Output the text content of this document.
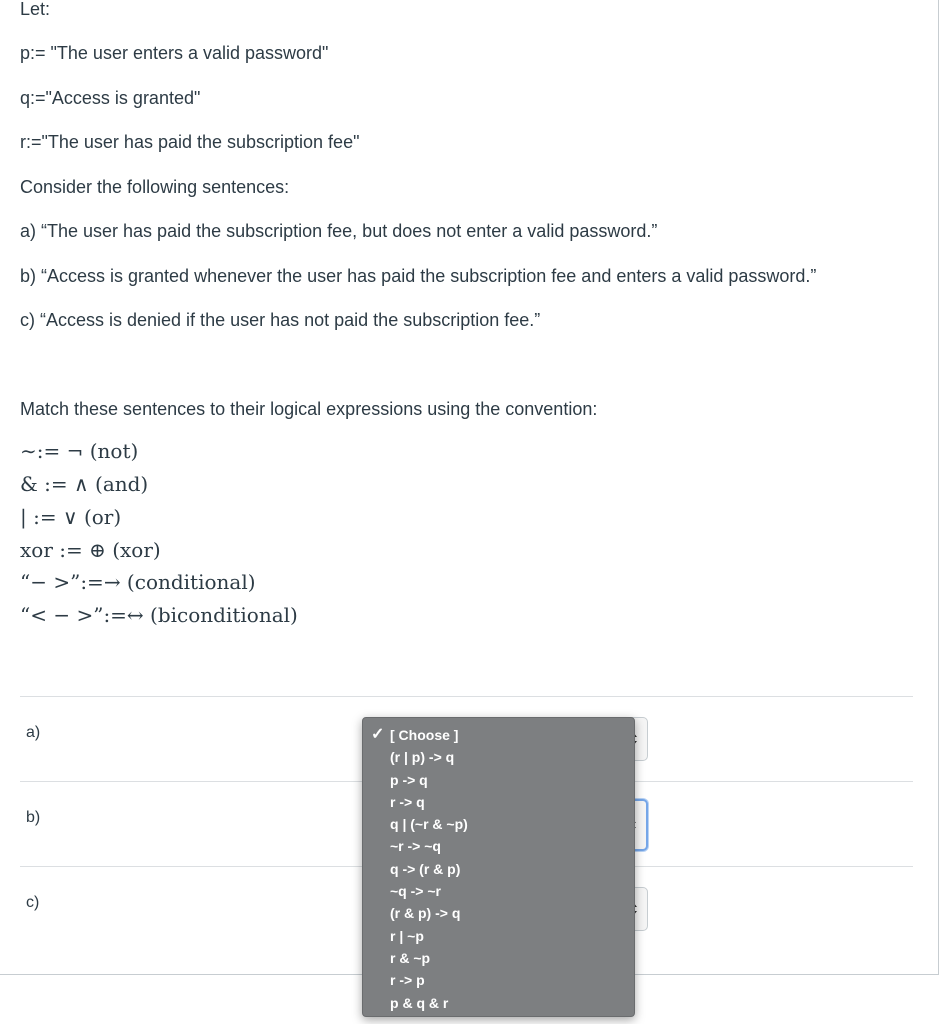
Let:
p:= "The user enters a valid password"
q:="Access is granted"
r:="The user has paid the subscription fee"
Consider the following sentences:
a) “The user has paid the subscription fee, but does not enter a valid password.”
b) “Access is granted whenever the user has paid the subscription fee and enters a valid password.”
c) “Access is denied if the user has not paid the subscription fee.”
Match these sentences to their logical expressions using the convention:
∼:= ¬ (not)
& := ∧ (and)
| := ∨ (or)
xor := ⊕ (xor)
“− >”:=→ (conditional)
“< − >”:=↔ (biconditional)
a)
b)
c)
✓ [ Choose ]
(r | p) -> q
p -> q
r -> q
q | (~r & ~p)
~r -> ~q
q -> (r & p)
~q -> ~r
(r & p) -> q
r | ~p
r & ~p
r -> p
p & q & r
